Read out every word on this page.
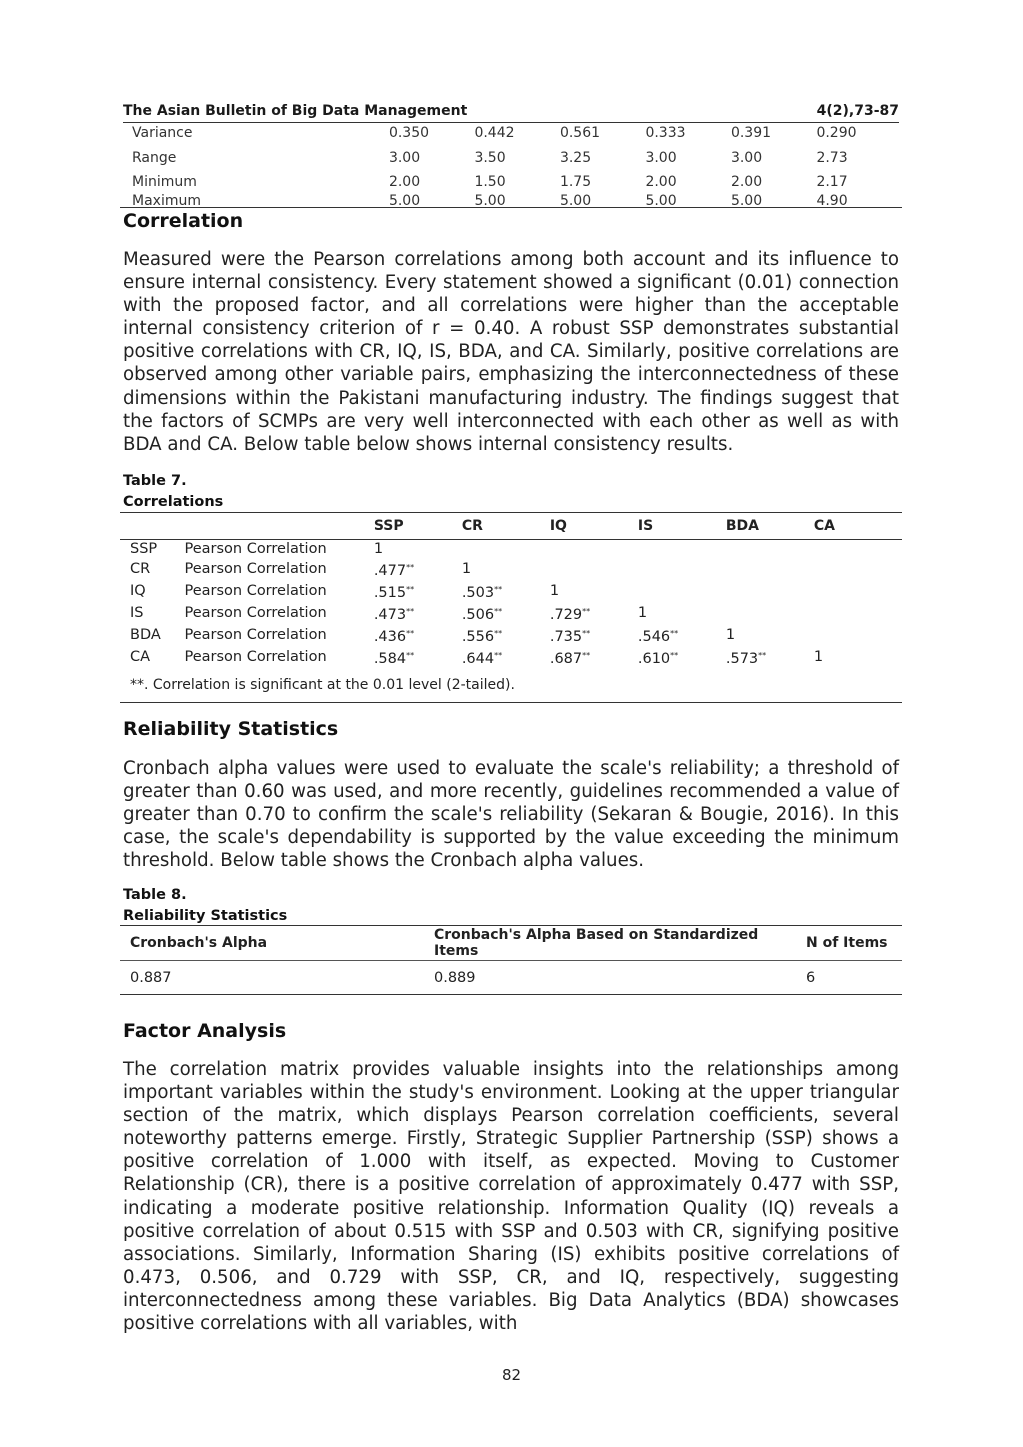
The Asian Bulletin of Big Data Management	4(2),73-87
Variance	0.350	0.442	0.561	0.333	0.391	0.290
Range	3.00	3.50	3.25	3.00	3.00	2.73
Minimum	2.00	1.50	1.75	2.00	2.00	2.17
Maximum	5.00	5.00	5.00	5.00	5.00	4.90
Correlation

Measured were the Pearson correlations among both account and its influence to ensure internal consistency. Every statement showed a significant (0.01) connection with the proposed factor, and all correlations were higher than the acceptable internal consistency criterion of r = 0.40. A robust SSP demonstrates substantial positive correlations with CR, IQ, IS, BDA, and CA. Similarly, positive correlations are observed among other variable pairs, emphasizing the interconnectedness of these dimensions within the Pakistani manufacturing industry. The findings suggest that the factors of SCMPs are very well interconnected with each other as well as with BDA and CA. Below table below shows internal consistency results.

Table 7.
Correlations
		SSP	CR	IQ	IS	BDA	CA
SSP	Pearson Correlation	1					
CR	Pearson Correlation	.477**	1				
IQ	Pearson Correlation	.515**	.503**	1			
IS	Pearson Correlation	.473**	.506**	.729**	1		
BDA	Pearson Correlation	.436**	.556**	.735**	.546**	1	
CA	Pearson Correlation	.584**	.644**	.687**	.610**	.573**	1
**. Correlation is significant at the 0.01 level (2-tailed).							
Reliability Statistics

Cronbach alpha values were used to evaluate the scale's reliability; a threshold of greater than 0.60 was used, and more recently, guidelines recommended a value of greater than 0.70 to confirm the scale's reliability (Sekaran & Bougie, 2016). In this case, the scale's dependability is supported by the value exceeding the minimum threshold. Below table shows the Cronbach alpha values.

Table 8.
Reliability Statistics
Cronbach's Alpha	Cronbach's Alpha Based on Standardized Items	N of Items
0.887	0.889	6
Factor Analysis

The correlation matrix provides valuable insights into the relationships among important variables within the study's environment. Looking at the upper triangular section of the matrix, which displays Pearson correlation coefficients, several noteworthy patterns emerge. Firstly, Strategic Supplier Partnership (SSP) shows a positive correlation of 1.000 with itself, as expected. Moving to Customer Relationship (CR), there is a positive correlation of approximately 0.477 with SSP, indicating a moderate positive relationship. Information Quality (IQ) reveals a positive correlation of about 0.515 with SSP and 0.503 with CR, signifying positive associations. Similarly, Information Sharing (IS) exhibits positive correlations of 0.473, 0.506, and 0.729 with SSP, CR, and IQ, respectively, suggesting interconnectedness among these variables. Big Data Analytics (BDA) showcases positive correlations with all variables, with

82
